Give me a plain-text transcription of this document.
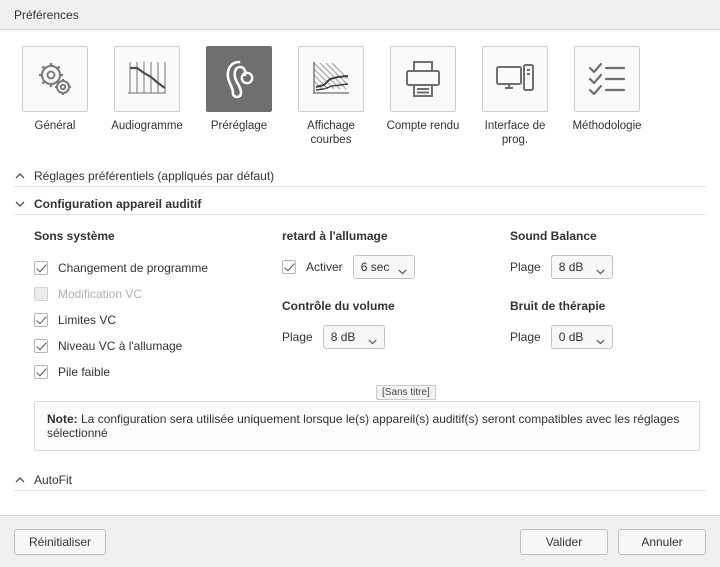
Préférences
Général	Audiogramme	Préréglage	Affichage courbes
Compte rendu	Interface de prog.
Méthodologie
Réglages préférentiels (appliqués par défaut)
Configuration appareil auditif
Sons système
Changement de programme
Modification VC
Limites VC
Niveau VC à l'allumage
Pile faible
retard à l'allumage
Activer 6 sec
Contrôle du volume
Plage 8 dB
Sound Balance
Plage 8 dB
Bruit de thérapie
Plage 0 dB
Note: La configuration sera utilisée uniquement lorsque le(s) appareil(s) auditif(s) seront compatibles avec les réglages sélectionné
[Sans titre]
AutoFit
Réinitialiser	Valider	Annuler
